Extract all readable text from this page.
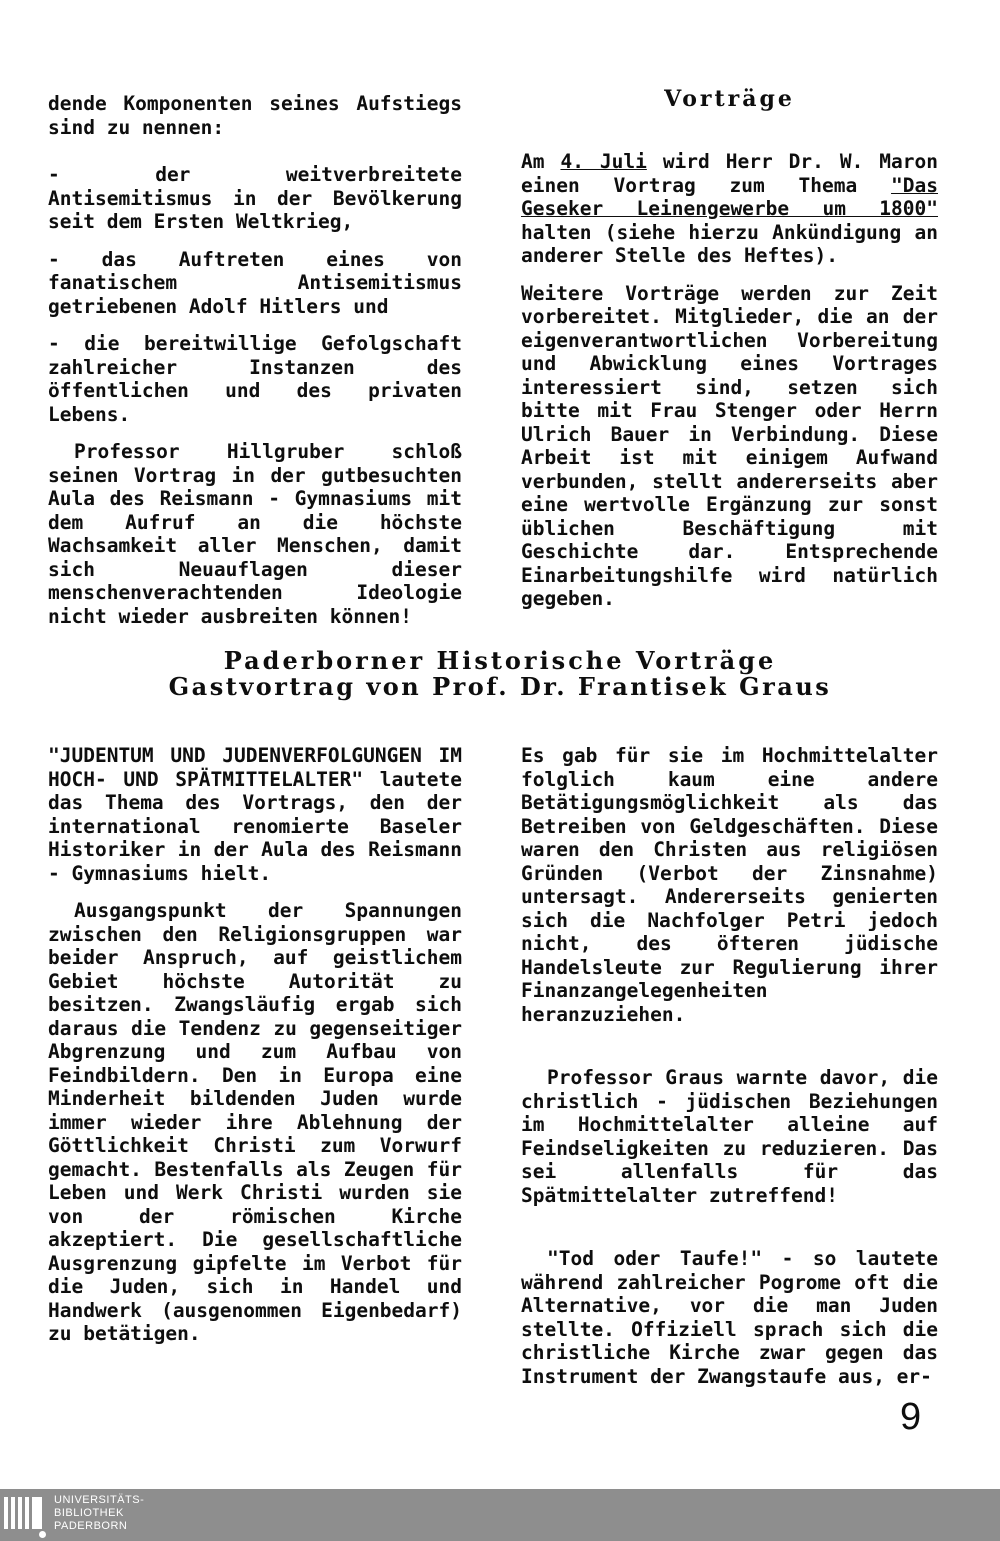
dende Komponenten seines Aufstiegs sind zu nennen:

- der weitverbreitete Antisemitismus in der Bevölkerung seit dem Ersten Weltkrieg,

- das Auftreten eines von fanatischem Antisemitismus getriebenen Adolf Hitlers und

- die bereitwillige Gefolgschaft zahlreicher Instanzen des öffentlichen und des privaten Lebens.

Professor Hillgruber schloß seinen Vortrag in der gutbesuchten Aula des Reismann - Gymnasiums mit dem Aufruf an die höchste Wachsamkeit aller Menschen, damit sich Neuauflagen dieser menschenverachtenden Ideologie nicht wieder ausbreiten können!

Vorträge

Am 4. Juli wird Herr Dr. W. Maron einen Vortrag zum Thema "Das Geseker Leinengewerbe um 1800" halten (siehe hierzu Ankündigung an anderer Stelle des Heftes).

Weitere Vorträge werden zur Zeit vorbereitet. Mitglieder, die an der eigenverantwortlichen Vorbereitung und Abwicklung eines Vortrages interessiert sind, setzen sich bitte mit Frau Stenger oder Herrn Ulrich Bauer in Verbindung. Diese Arbeit ist mit einigem Aufwand verbunden, stellt andererseits aber eine wertvolle Ergänzung zur sonst üblichen Beschäftigung mit Geschichte dar. Entsprechende Einarbeitungshilfe wird natürlich gegeben.

Paderborner Historische Vorträge
Gastvortrag von Prof. Dr. Frantisek Graus

"JUDENTUM UND JUDENVERFOLGUNGEN IM HOCH- UND SPÄTMITTELALTER" lautete das Thema des Vortrags, den der international renomierte Baseler Historiker in der Aula des Reismann - Gymnasiums hielt.

Ausgangspunkt der Spannungen zwischen den Religionsgruppen war beider Anspruch, auf geistlichem Gebiet höchste Autorität zu besitzen. Zwangsläufig ergab sich daraus die Tendenz zu gegenseitiger Abgrenzung und zum Aufbau von Feindbildern. Den in Europa eine Minderheit bildenden Juden wurde immer wieder ihre Ablehnung der Göttlichkeit Christi zum Vorwurf gemacht. Bestenfalls als Zeugen für Leben und Werk Christi wurden sie von der römischen Kirche akzeptiert. Die gesellschaftliche Ausgrenzung gipfelte im Verbot für die Juden, sich in Handel und Handwerk (ausgenommen Eigenbedarf) zu betätigen.

Es gab für sie im Hochmittelalter folglich kaum eine andere Betätigungsmöglichkeit als das Betreiben von Geldgeschäften. Diese waren den Christen aus religiösen Gründen (Verbot der Zinsnahme) untersagt. Andererseits genierten sich die Nachfolger Petri jedoch nicht, des öfteren jüdische Handelsleute zur Regulierung ihrer Finanzangelegenheiten heranzuziehen.

Professor Graus warnte davor, die christlich - jüdischen Beziehungen im Hochmittelalter alleine auf Feindseligkeiten zu reduzieren. Das sei allenfalls für das Spätmittelalter zutreffend!

"Tod oder Taufe!" - so lautete während zahlreicher Pogrome oft die Alternative, vor die man Juden stellte. Offiziell sprach sich die christliche Kirche zwar gegen das Instrument der Zwangstaufe aus, er-

9
UNIVERSITÄTS-
BIBLIOTHEK
PADERBORN
